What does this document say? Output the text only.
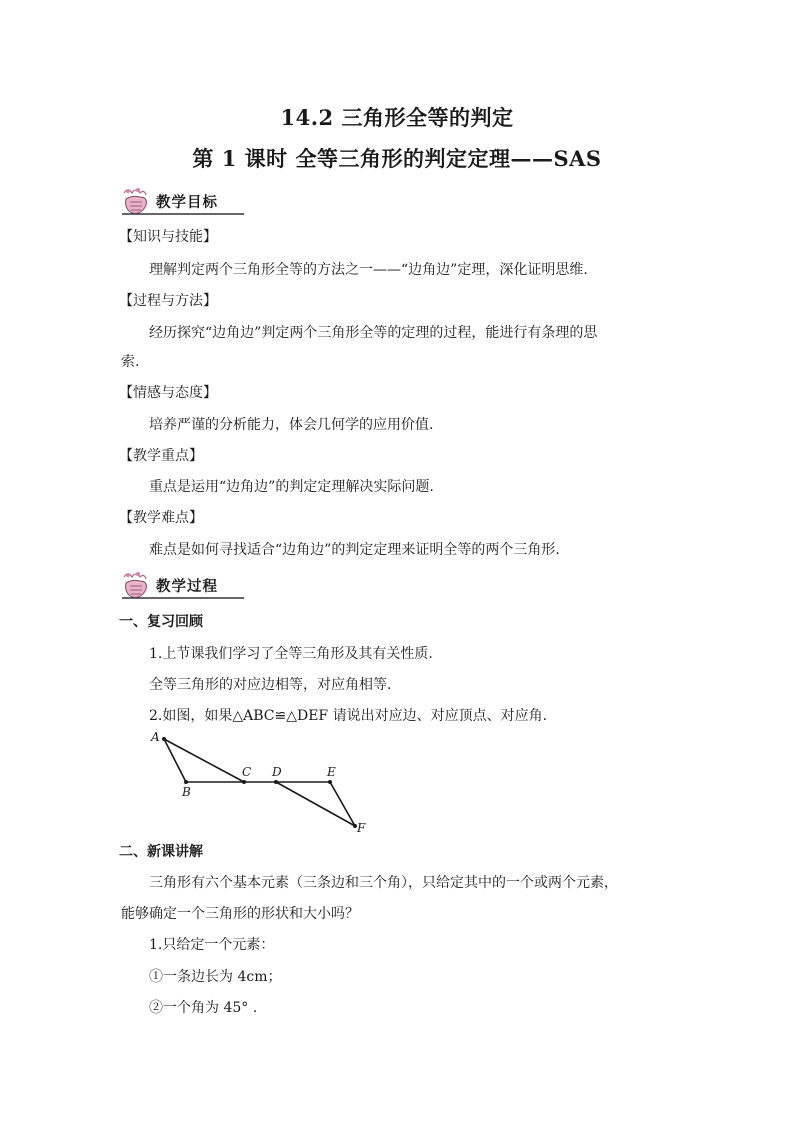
14.2 三角形全等的判定
第 1 课时 全等三角形的判定定理——SAS
教学目标
【知识与技能】
理解判定两个三角形全等的方法之一——“边角边”定理，深化证明思维.
【过程与方法】
经历探究“边角边”判定两个三角形全等的定理的过程，能进行有条理的思
索.
【情感与态度】
培养严谨的分析能力，体会几何学的应用价值.
【教学重点】
重点是运用“边角边”的判定定理解决实际问题.
【教学难点】
难点是如何寻找适合“边角边”的判定定理来证明全等的两个三角形.
教学过程
一、复习回顾
1.上节课我们学习了全等三角形及其有关性质.
全等三角形的对应边相等，对应角相等.
2.如图，如果△ABC≌△DEF 请说出对应边、对应顶点、对应角.
A
B
C D	E
F
二、新课讲解
三角形有六个基本元素（三条边和三个角），只给定其中的一个或两个元素，
能够确定一个三角形的形状和大小吗？
1.只给定一个元素：
①一条边长为 4cm；
②一个角为 45° .
